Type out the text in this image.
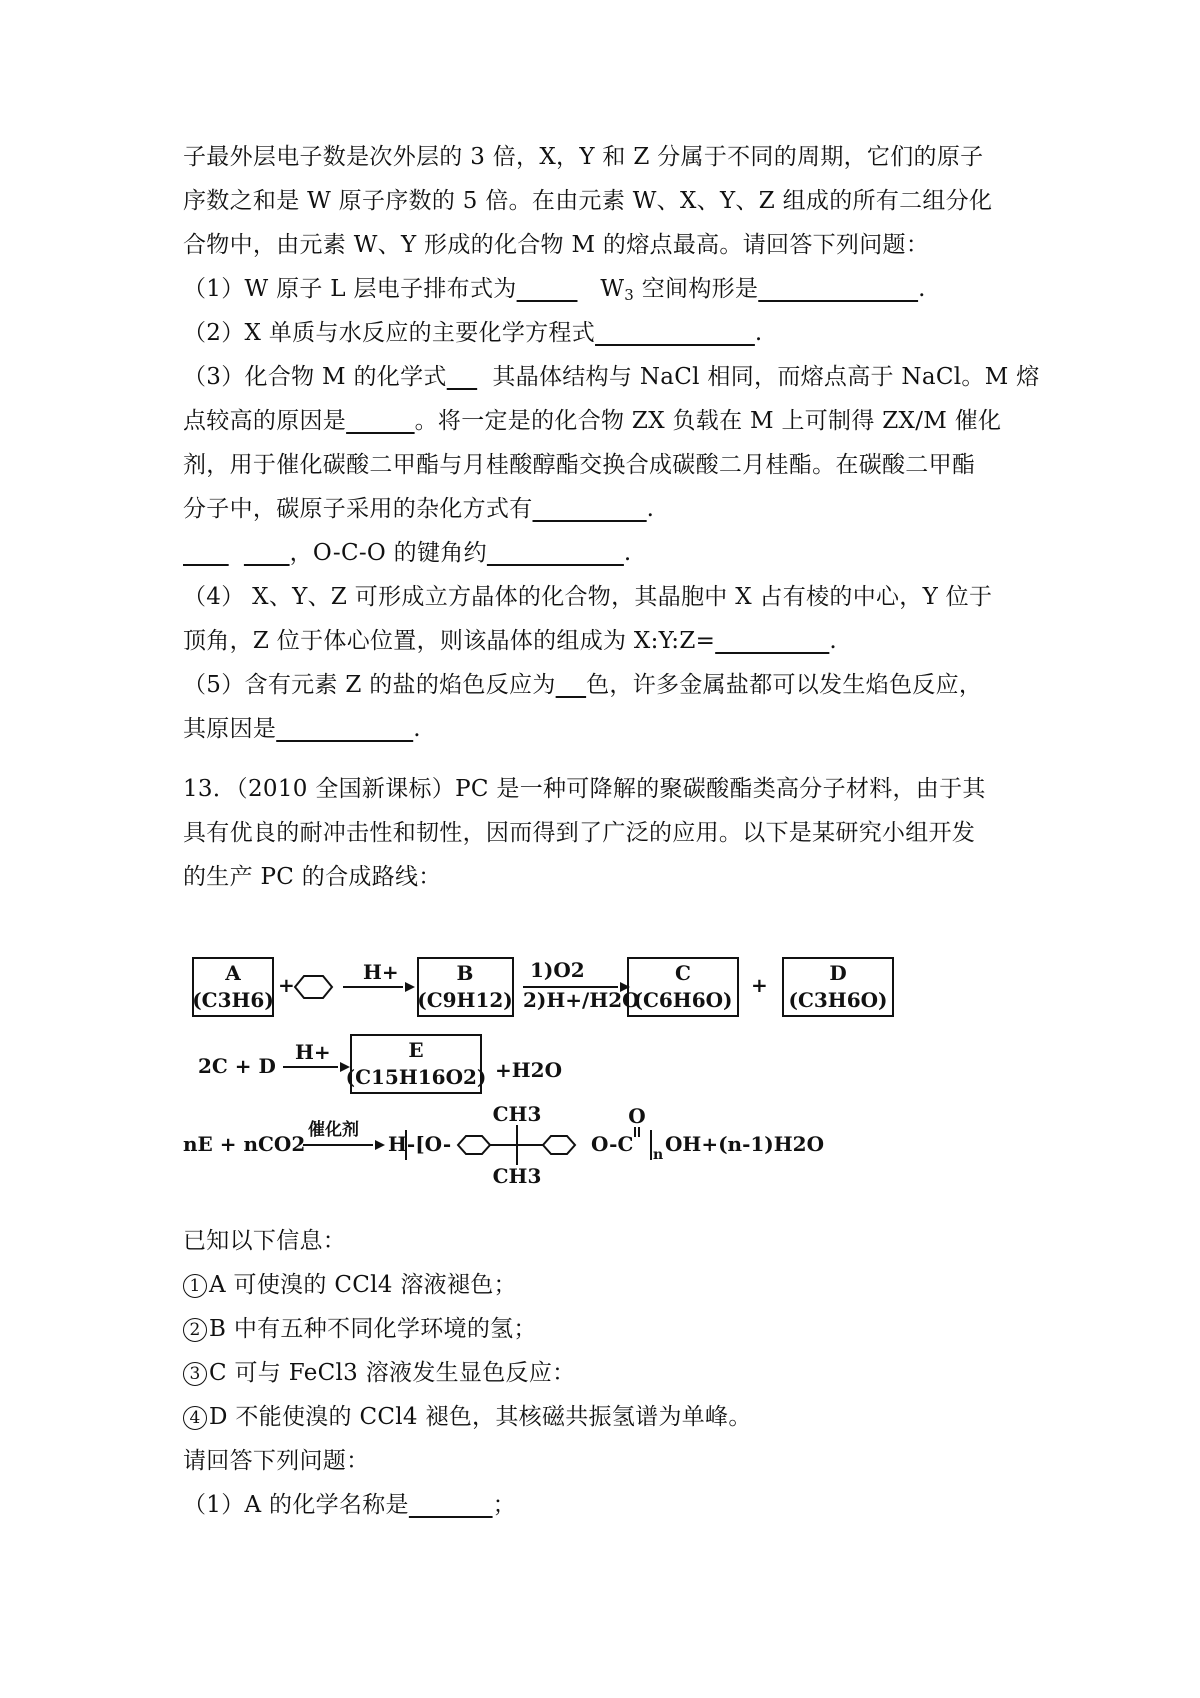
子最外层电子数是次外层的 3 倍，X，Y 和 Z 分属于不同的周期，它们的原子
序数之和是 W 原子序数的 5 倍。在由元素 W、X、Y、Z 组成的所有二组分化
合物中，由元素 W、Y 形成的化合物 M 的熔点最高。请回答下列问题：
（1）W 原子 L 层电子排布式为	$W_3$ 空间构形是	.
（2）X 单质与水反应的主要化学方程式	.
（3）化合物 M 的化学式 其晶体结构与 NaCl 相同，而熔点高于 NaCl。M 熔
点较高的原因是	。将一定是的化合物 ZX 负载在 M 上可制得 ZX/M 催化
剂，用于催化碳酸二甲酯与月桂酸醇酯交换合成碳酸二月桂酯。在碳酸二甲酯
分子中，碳原子采用的杂化方式有	.
，O-C-O 的键角约	.
（4） X、Y、Z 可形成立方晶体的化合物，其晶胞中 X 占有棱的中心，Y 位于
顶角，Z 位于体心位置，则该晶体的组成为 X:Y:Z=	.
（5）含有元素 Z 的盐的焰色反应为 色，许多金属盐都可以发生焰色反应，
其原因是	.
13．（2010 全国新课标）PC 是一种可降解的聚碳酸酯类高分子材料，由于其
具有优良的耐冲击性和韧性，因而得到了广泛的应用。以下是某研究小组开发
的生产 PC 的合成路线：
A
(C3H6)
+
H+	B
(C9H12)
1)O2
2)H+/H2O
C
(C6H6O)
+	D
(C3H6O)
2C + D
H+	E
(C15H16O2) +H2O
nE + nCO2
催化剂
H-[O-
CH3
CH3
O
O-C n OH+(n-1)H2O
已知以下信息：
1 A 可使溴的 CCl4 溶液褪色；
2 B 中有五种不同化学环境的氢；
3 C 可与 FeCl3 溶液发生显色反应：
4 D 不能使溴的 CCl4 褪色，其核磁共振氢谱为单峰。
请回答下列问题：
（1）A 的化学名称是	；
